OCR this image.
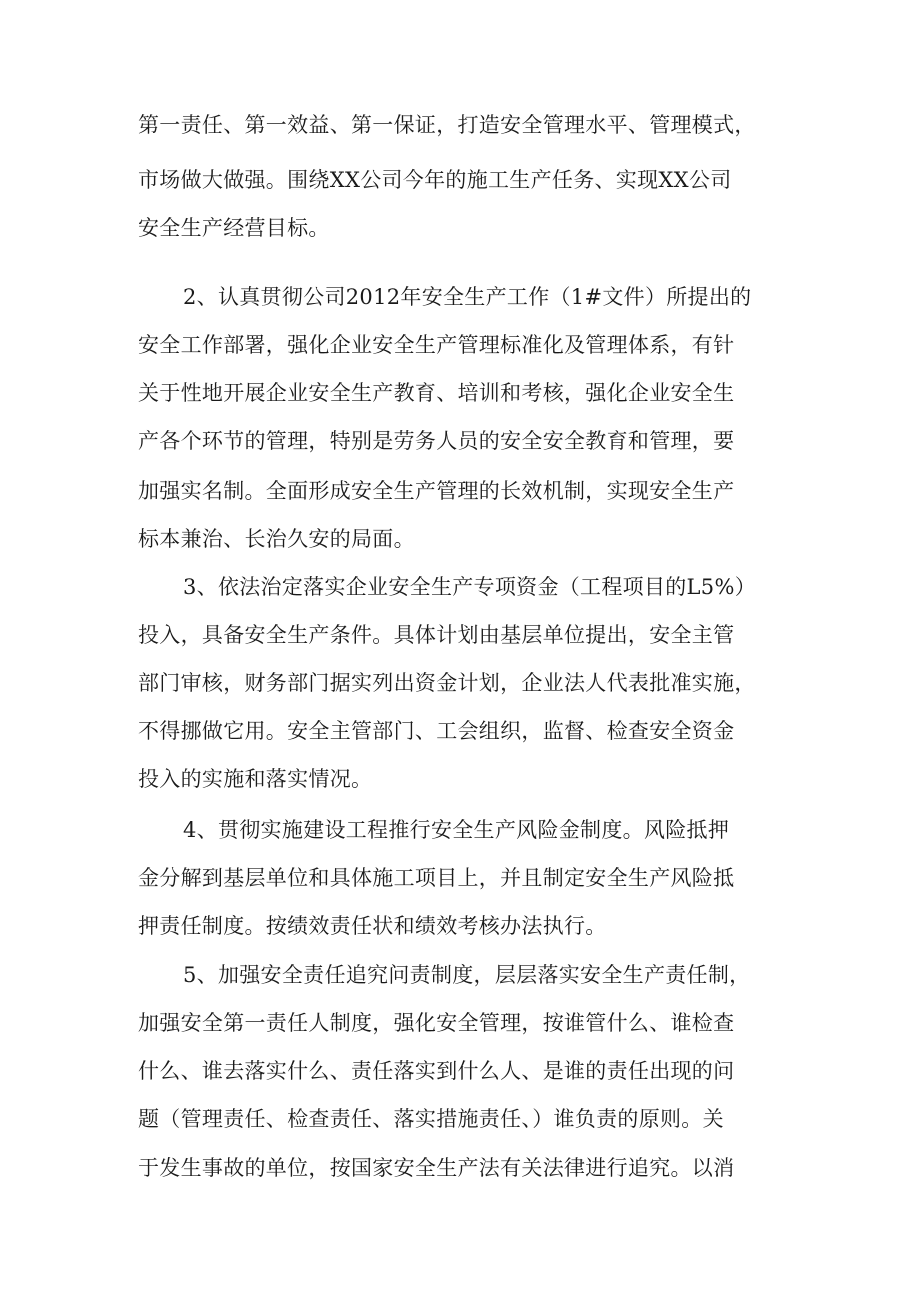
第一责任、第一效益、第一保证，打造安全管理水平、管理模式，
市场做大做强。围绕XX公司今年的施工生产任务、实现XX公司
安全生产经营目标。
2、认真贯彻公司2012年安全生产工作（1#文件）所提出的
安全工作部署，强化企业安全生产管理标准化及管理体系，有针
关于性地开展企业安全生产教育、培训和考核，强化企业安全生
产各个环节的管理，特别是劳务人员的安全安全教育和管理，要
加强实名制。全面形成安全生产管理的长效机制，实现安全生产
标本兼治、长治久安的局面。
3、依法治定落实企业安全生产专项资金（工程项目的L5%）
投入，具备安全生产条件。具体计划由基层单位提出，安全主管
部门审核，财务部门据实列出资金计划，企业法人代表批准实施，
不得挪做它用。安全主管部门、工会组织，监督、检查安全资金
投入的实施和落实情况。
4、贯彻实施建设工程推行安全生产风险金制度。风险抵押
金分解到基层单位和具体施工项目上，并且制定安全生产风险抵
押责任制度。按绩效责任状和绩效考核办法执行。
5、加强安全责任追究问责制度，层层落实安全生产责任制，
加强安全第一责任人制度，强化安全管理，按谁管什么、谁检查
什么、谁去落实什么、责任落实到什么人、是谁的责任出现的问
题（管理责任、检查责任、落实措施责任、）谁负责的原则。关
于发生事故的单位，按国家安全生产法有关法律进行追究。以消
